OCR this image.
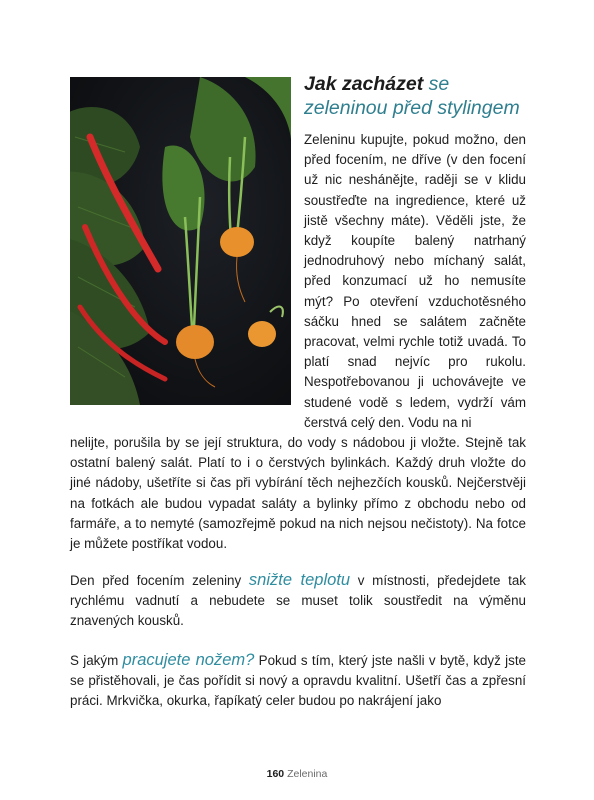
Jak zacházet se zeleninou před stylingem

Zeleninu kupujte, pokud možno, den před focením, ne dříve (v den focení už nic neshánějte, raději se v klidu soustřeďte na ingredience, které už jistě všechny máte). Věděli jste, že když koupíte balený natrhaný jednodruhový nebo míchaný salát, před konzumací už ho nemusíte mýt? Po otevření vzduchotěsného sáčku hned se salátem začněte pracovat, velmi rychle totiž uvadá. To platí snad nejvíc pro rukolu. Nespotřebovanou ji uchovávejte ve studené vodě s ledem, vydrží vám čerstvá celý den. Vodu na ni

nelijte, porušila by se její struktura, do vody s nádobou ji vložte. Stejně tak ostatní balený salát. Platí to i o čerstvých bylinkách. Každý druh vložte do jiné nádoby, ušetříte si čas při vybírání těch nejhezčích kousků. Nejčerstvěji na fotkách ale budou vypadat saláty a bylinky přímo z obchodu nebo od farmáře, a to nemyté (samozřejmě pokud na nich nejsou nečistoty). Na fotce je můžete postříkat vodou.

Den před focením zeleniny snižte teplotu v místnosti, předejdete tak rychlému vadnutí a nebudete se muset tolik soustředit na výměnu znavených kousků.

S jakým pracujete nožem? Pokud s tím, který jste našli v bytě, když jste se přistěhovali, je čas pořídit si nový a opravdu kvalitní. Ušetří čas a zpřesní práci. Mrkvička, okurka, řapíkatý celer budou po nakrájení jako

160 Zelenina
